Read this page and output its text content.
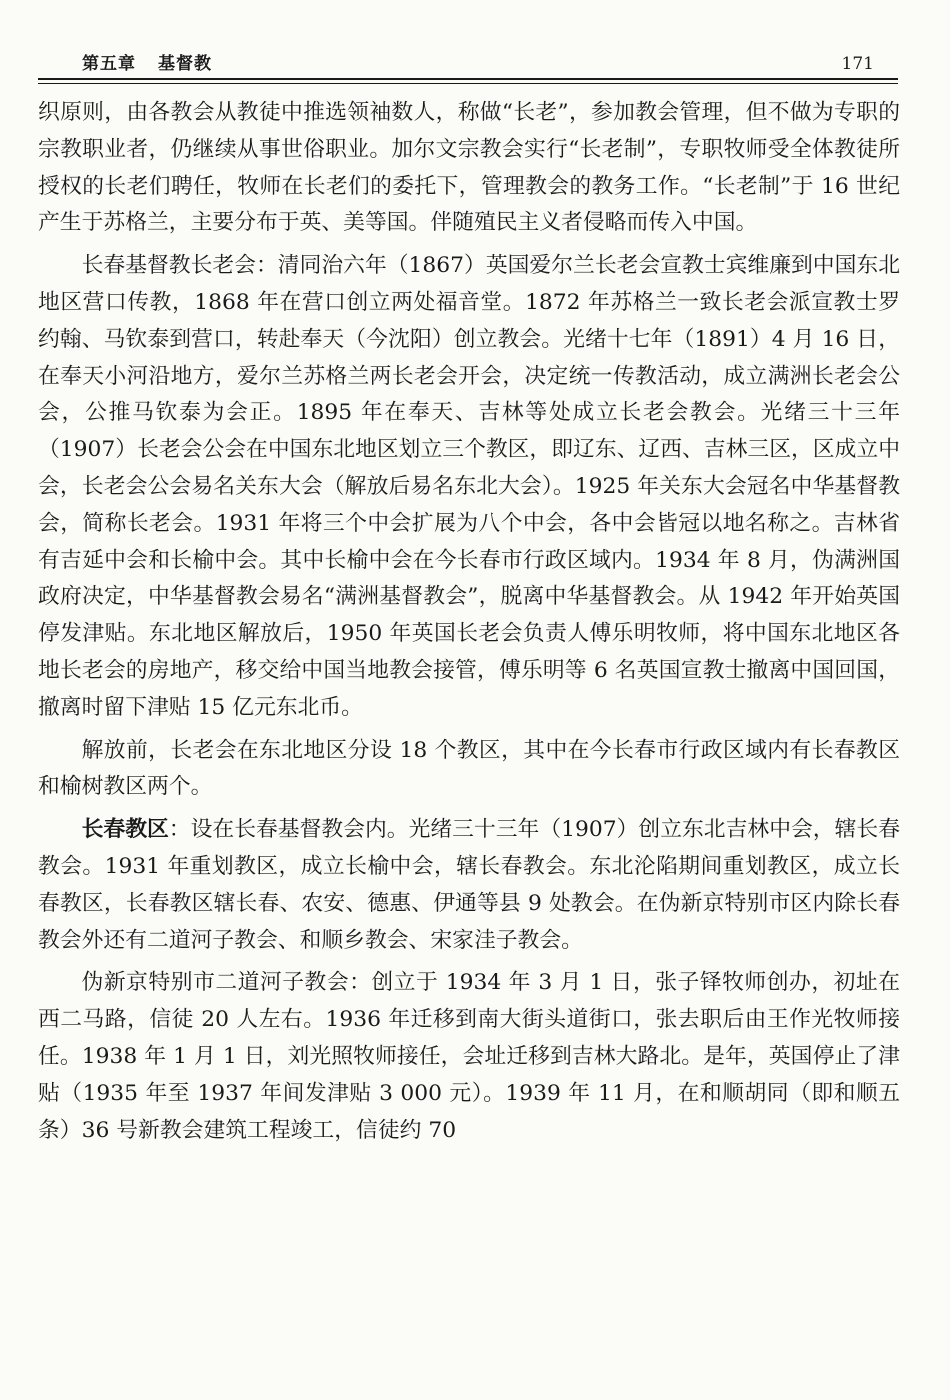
第五章 基督教	171

织原则，由各教会从教徒中推选领袖数人，称做“长老”，参加教会管理，但不做为专职的宗教职业者，仍继续从事世俗职业。加尔文宗教会实行“长老制”，专职牧师受全体教徒所授权的长老们聘任，牧师在长老们的委托下，管理教会的教务工作。“长老制”于 16 世纪产生于苏格兰，主要分布于英、美等国。伴随殖民主义者侵略而传入中国。

长春基督教长老会：清同治六年（1867）英国爱尔兰长老会宣教士宾维廉到中国东北地区营口传教，1868 年在营口创立两处福音堂。1872 年苏格兰一致长老会派宣教士罗约翰、马钦泰到营口，转赴奉天（今沈阳）创立教会。光绪十七年（1891）4 月 16 日，在奉天小河沿地方，爱尔兰苏格兰两长老会开会，决定统一传教活动，成立满洲长老会公会，公推马钦泰为会正。1895 年在奉天、吉林等处成立长老会教会。光绪三十三年（1907）长老会公会在中国东北地区划立三个教区，即辽东、辽西、吉林三区，区成立中会，长老会公会易名关东大会（解放后易名东北大会）。1925 年关东大会冠名中华基督教会，简称长老会。1931 年将三个中会扩展为八个中会，各中会皆冠以地名称之。吉林省有吉延中会和长榆中会。其中长榆中会在今长春市行政区域内。1934 年 8 月，伪满洲国政府决定，中华基督教会易名“满洲基督教会”，脱离中华基督教会。从 1942 年开始英国停发津贴。东北地区解放后，1950 年英国长老会负责人傅乐明牧师，将中国东北地区各地长老会的房地产，移交给中国当地教会接管，傅乐明等 6 名英国宣教士撤离中国回国，撤离时留下津贴 15 亿元东北币。

解放前，长老会在东北地区分设 18 个教区，其中在今长春市行政区域内有长春教区和榆树教区两个。

长春教区：设在长春基督教会内。光绪三十三年（1907）创立东北吉林中会，辖长春教会。1931 年重划教区，成立长榆中会，辖长春教会。东北沦陷期间重划教区，成立长春教区，长春教区辖长春、农安、德惠、伊通等县 9 处教会。在伪新京特别市区内除长春教会外还有二道河子教会、和顺乡教会、宋家洼子教会。

伪新京特别市二道河子教会：创立于 1934 年 3 月 1 日，张子铎牧师创办，初址在西二马路，信徒 20 人左右。1936 年迁移到南大街头道街口，张去职后由王作光牧师接任。1938 年 1 月 1 日，刘光照牧师接任，会址迁移到吉林大路北。是年，英国停止了津贴（1935 年至 1937 年间发津贴 3 000 元）。1939 年 11 月，在和顺胡同（即和顺五条）36 号新教会建筑工程竣工，信徒约 70
